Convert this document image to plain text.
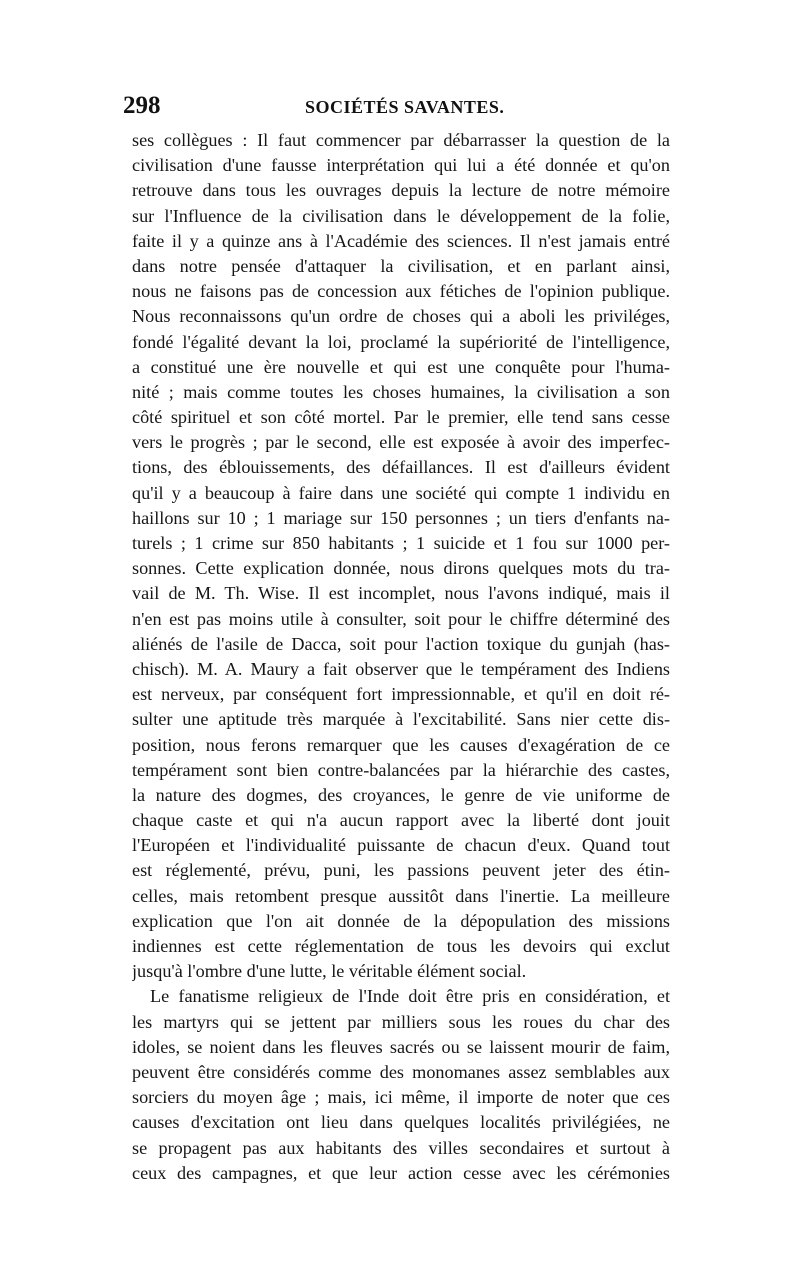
298	SOCIÉTÉS SAVANTES.
ses collègues : Il faut commencer par débarrasser la question de la
civilisation d'une fausse interprétation qui lui a été donnée et qu'on
retrouve dans tous les ouvrages depuis la lecture de notre mémoire
sur l'Influence de la civilisation dans le développement de la folie,
faite il y a quinze ans à l'Académie des sciences. Il n'est jamais entré
dans notre pensée d'attaquer la civilisation, et en parlant ainsi,
nous ne faisons pas de concession aux fétiches de l'opinion publique.
Nous reconnaissons qu'un ordre de choses qui a aboli les priviléges,
fondé l'égalité devant la loi, proclamé la supériorité de l'intelligence,
a constitué une ère nouvelle et qui est une conquête pour l'huma-
nité ; mais comme toutes les choses humaines, la civilisation a son
côté spirituel et son côté mortel. Par le premier, elle tend sans cesse
vers le progrès ; par le second, elle est exposée à avoir des imperfec-
tions, des éblouissements, des défaillances. Il est d'ailleurs évident
qu'il y a beaucoup à faire dans une société qui compte 1 individu en
haillons sur 10 ; 1 mariage sur 150 personnes ; un tiers d'enfants na-
turels ; 1 crime sur 850 habitants ; 1 suicide et 1 fou sur 1000 per-
sonnes. Cette explication donnée, nous dirons quelques mots du tra-
vail de M. Th. Wise. Il est incomplet, nous l'avons indiqué, mais il
n'en est pas moins utile à consulter, soit pour le chiffre déterminé des
aliénés de l'asile de Dacca, soit pour l'action toxique du gunjah (has-
chisch). M. A. Maury a fait observer que le tempérament des Indiens
est nerveux, par conséquent fort impressionnable, et qu'il en doit ré-
sulter une aptitude très marquée à l'excitabilité. Sans nier cette dis-
position, nous ferons remarquer que les causes d'exagération de ce
tempérament sont bien contre-balancées par la hiérarchie des castes,
la nature des dogmes, des croyances, le genre de vie uniforme de
chaque caste et qui n'a aucun rapport avec la liberté dont jouit
l'Européen et l'individualité puissante de chacun d'eux. Quand tout
est réglementé, prévu, puni, les passions peuvent jeter des étin-
celles, mais retombent presque aussitôt dans l'inertie. La meilleure
explication que l'on ait donnée de la dépopulation des missions
indiennes est cette réglementation de tous les devoirs qui exclut
jusqu'à l'ombre d'une lutte, le véritable élément social.
Le fanatisme religieux de l'Inde doit être pris en considération, et
les martyrs qui se jettent par milliers sous les roues du char des
idoles, se noient dans les fleuves sacrés ou se laissent mourir de faim,
peuvent être considérés comme des monomanes assez semblables aux
sorciers du moyen âge ; mais, ici même, il importe de noter que ces
causes d'excitation ont lieu dans quelques localités privilégiées, ne
se propagent pas aux habitants des villes secondaires et surtout à
ceux des campagnes, et que leur action cesse avec les cérémonies
